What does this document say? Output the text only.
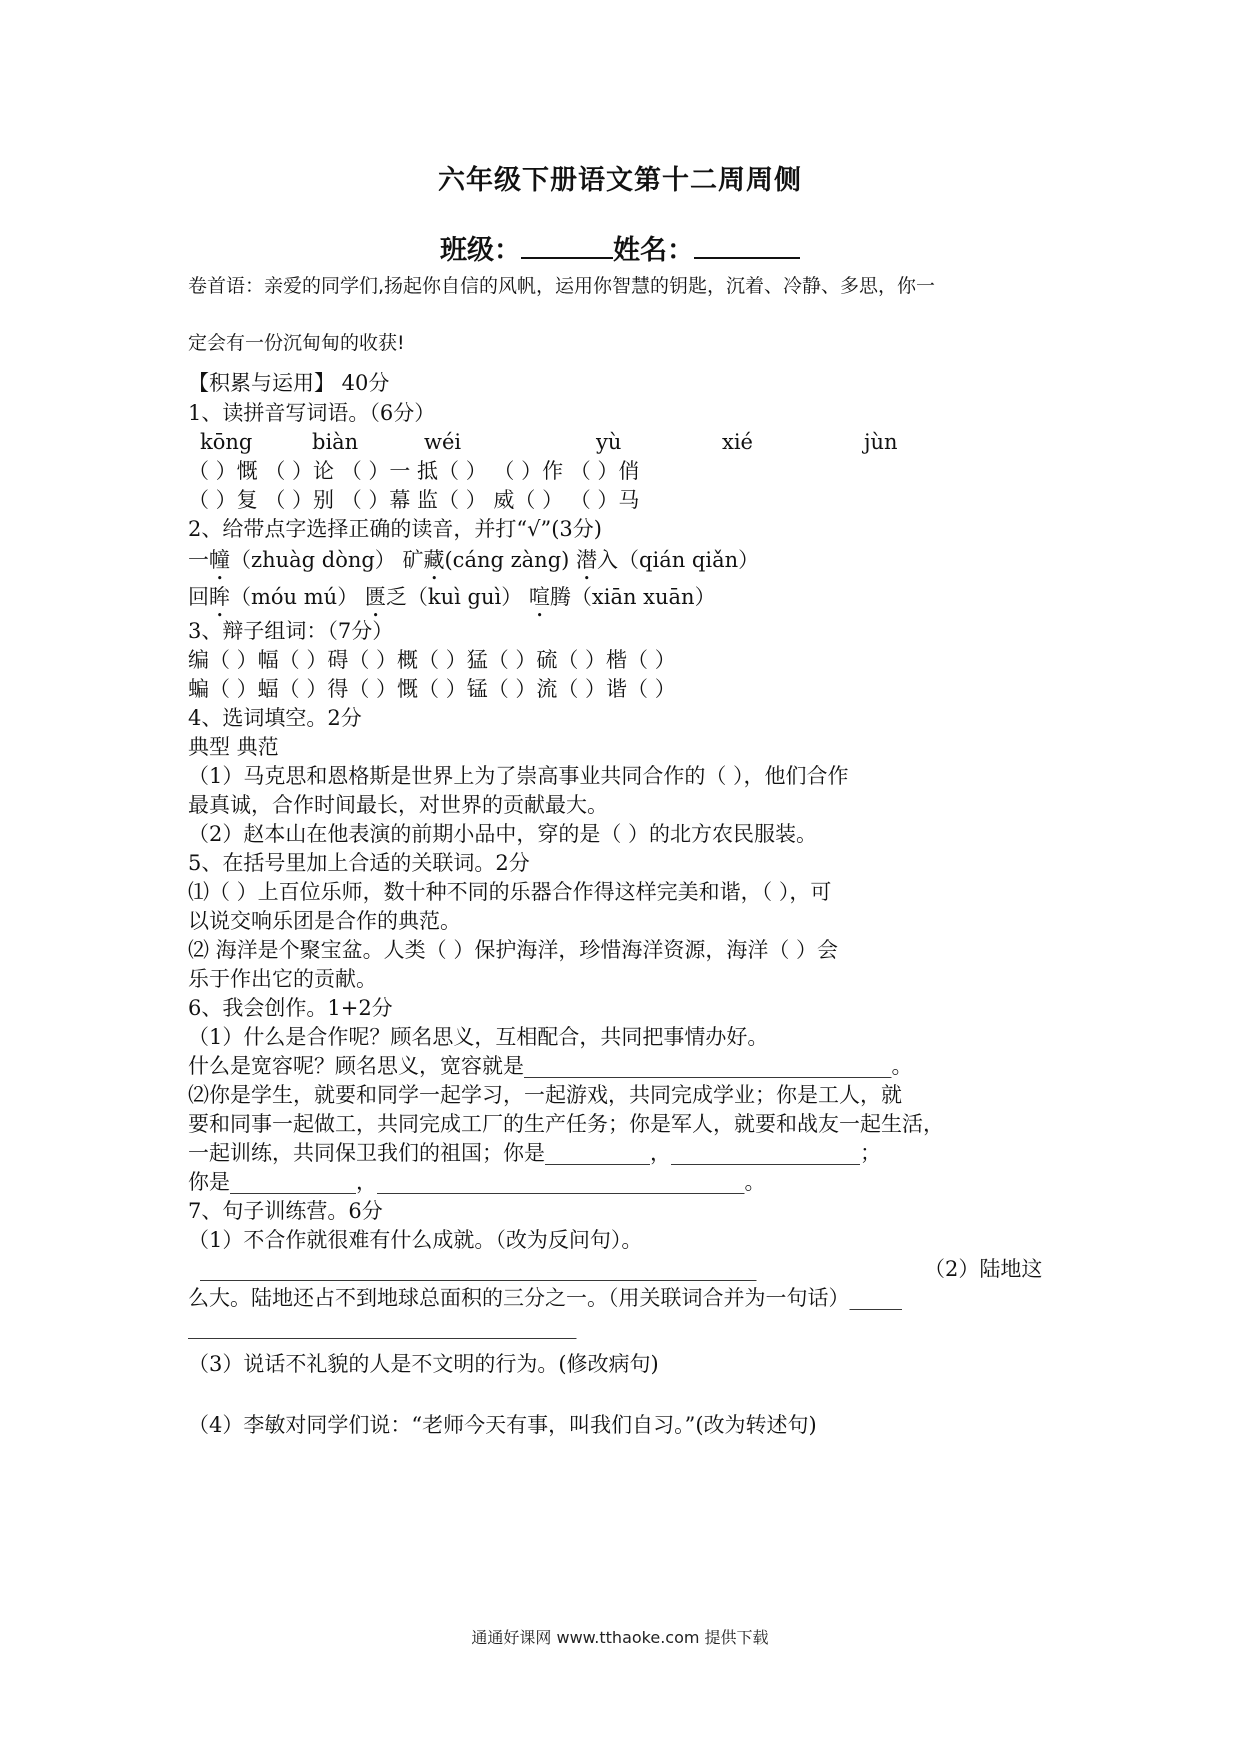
六年级下册语文第十二周周侧
班级：	姓名：
卷首语：亲爱的同学们,扬起你自信的风帆，运用你智慧的钥匙，沉着、冷静、多思，你一
定会有一份沉甸甸的收获!
【积累与运用】 40分
1、读拼音写词语。（6分）
kōng	biàn	wéi	yù	xié	jùn
（ ）慨 （ ）论 （ ）一 抵（ ） （ ）作 （ ）俏
（ ）复 （ ）别 （ ）幕 监（ ） 威（ ） （ ）马
2、给带点字选择正确的读音，并打“√”(3分)
一幢（zhuàg dòng） 矿藏(cáng zàng) 潜入（qián qiǎn）
回眸（móu mú） 匮乏（kuì guì） 喧腾（xiān xuān）
3、辩子组词：（7分）
编（ ）幅（ ）碍（ ）概（ ）猛（ ）硫（ ）楷（ ）
蝙（ ）蝠（ ）得（ ）慨（ ）锰（ ）流（ ）谐（ ）
4、选词填空。2分
典型 典范
（1）马克思和恩格斯是世界上为了崇高事业共同合作的（ ），他们合作
最真诚，合作时间最长，对世界的贡献最大。
（2）赵本山在他表演的前期小品中，穿的是（ ）的北方农民服装。
5、在括号里加上合适的关联词。2分
⑴（ ）上百位乐师，数十种不同的乐器合作得这样完美和谐，（ ），可
以说交响乐团是合作的典范。
⑵ 海洋是个聚宝盆。人类（ ）保护海洋，珍惜海洋资源，海洋（ ）会
乐于作出它的贡献。
6、我会创作。1+2分
（1）什么是合作呢？顾名思义，互相配合，共同把事情办好。
什么是宽容呢？顾名思义，宽容就是___________________________________。
⑵你是学生，就要和同学一起学习，一起游戏，共同完成学业；你是工人，就
要和同事一起做工，共同完成工厂的生产任务；你是军人，就要和战友一起生活，
一起训练，共同保卫我们的祖国；你是__________，__________________；
你是____________，___________________________________。
7、句子训练营。6分
（1）不合作就很难有什么成就。（改为反问句）。
_____________________________________________________	（2）陆地这
么大。陆地还占不到地球总面积的三分之一。（用关联词合并为一句话）_____
_____________________________________
（3）说话不礼貌的人是不文明的行为。(修改病句)
（4）李敏对同学们说：“老师今天有事，叫我们自习。”(改为转述句)
通通好课网 www.tthaoke.com 提供下载
